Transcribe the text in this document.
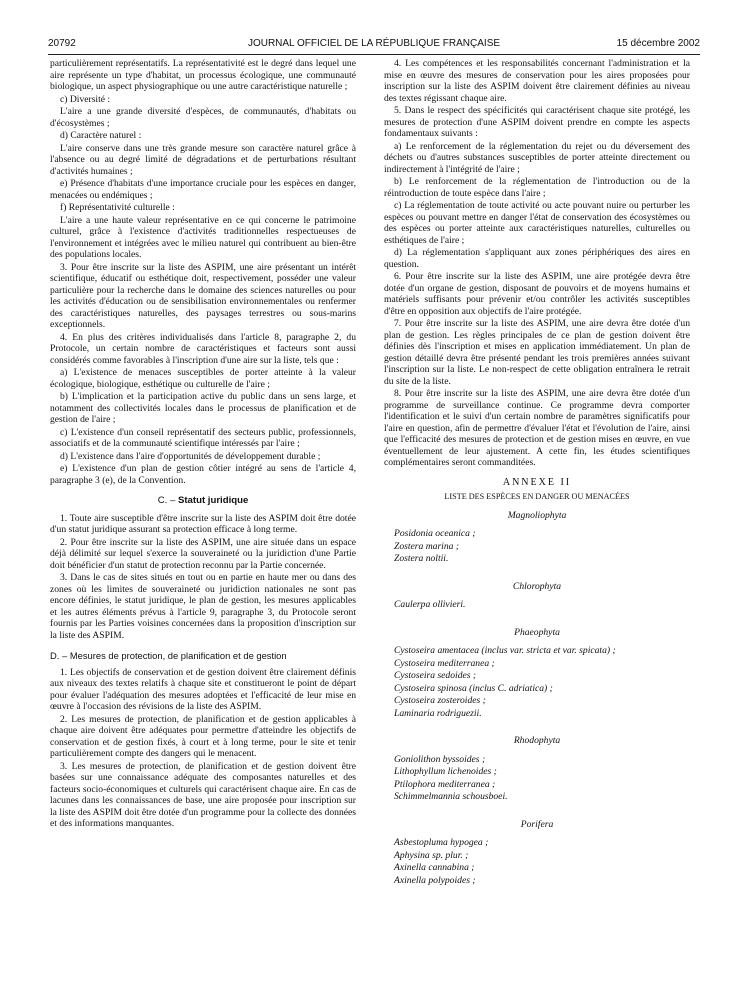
20792	JOURNAL OFFICIEL DE LA RÉPUBLIQUE FRANÇAISE	15 décembre 2002

particulièrement représentatifs. La représentativité est le degré dans lequel une aire représente un type d'habitat, un processus écologique, une communauté biologique, un aspect physiographique ou une autre caractéristique naturelle ;

c) Diversité :

L'aire a une grande diversité d'espèces, de communautés, d'habitats ou d'écosystèmes ;

d) Caractère naturel :

L'aire conserve dans une très grande mesure son caractère naturel grâce à l'absence ou au degré limité de dégradations et de perturbations résultant d'activités humaines ;

e) Présence d'habitats d'une importance cruciale pour les espèces en danger, menacées ou endémiques ;

f) Représentativité culturelle :

L'aire a une haute valeur représentative en ce qui concerne le patrimoine culturel, grâce à l'existence d'activités traditionnelles respectueuses de l'environnement et intégrées avec le milieu naturel qui contribuent au bien-être des populations locales.

3. Pour être inscrite sur la liste des ASPIM, une aire présentant un intérêt scientifique, éducatif ou esthétique doit, respectivement, posséder une valeur particulière pour la recherche dans le domaine des sciences naturelles ou pour les activités d'éducation ou de sensibilisation environnementales ou renfermer des caractéristiques naturelles, des paysages terrestres ou sous-marins exceptionnels.

4. En plus des critères individualisés dans l'article 8, paragraphe 2, du Protocole, un certain nombre de caractéristiques et facteurs sont aussi considérés comme favorables à l'inscription d'une aire sur la liste, tels que :

a) L'existence de menaces susceptibles de porter atteinte à la valeur écologique, biologique, esthétique ou culturelle de l'aire ;

b) L'implication et la participation active du public dans un sens large, et notamment des collectivités locales dans le processus de planification et de gestion de l'aire ;

c) L'existence d'un conseil représentatif des secteurs public, professionnels, associatifs et de la communauté scientifique intéressés par l'aire ;

d) L'existence dans l'aire d'opportunités de développement durable ;

e) L'existence d'un plan de gestion côtier intégré au sens de l'article 4, paragraphe 3 (e), de la Convention.

C. – Statut juridique

1. Toute aire susceptible d'être inscrite sur la liste des ASPIM doit être dotée d'un statut juridique assurant sa protection efficace à long terme.

2. Pour être inscrite sur la liste des ASPIM, une aire située dans un espace déjà délimité sur lequel s'exerce la souveraineté ou la juridiction d'une Partie doit bénéficier d'un statut de protection reconnu par la Partie concernée.

3. Dans le cas de sites situés en tout ou en partie en haute mer ou dans des zones où les limites de souveraineté ou juridiction nationales ne sont pas encore définies, le statut juridique, le plan de gestion, les mesures applicables et les autres éléments prévus à l'article 9, paragraphe 3, du Protocole seront fournis par les Parties voisines concernées dans la proposition d'inscription sur la liste des ASPIM.

D. – Mesures de protection, de planification et de gestion

1. Les objectifs de conservation et de gestion doivent être clairement définis aux niveaux des textes relatifs à chaque site et constitueront le point de départ pour évaluer l'adéquation des mesures adoptées et l'efficacité de leur mise en œuvre à l'occasion des révisions de la liste des ASPIM.

2. Les mesures de protection, de planification et de gestion applicables à chaque aire doivent être adéquates pour permettre d'atteindre les objectifs de conservation et de gestion fixés, à court et à long terme, pour le site et tenir particulièrement compte des dangers qui le menacent.

3. Les mesures de protection, de planification et de gestion doivent être basées sur une connaissance adéquate des composantes naturelles et des facteurs socio-économiques et culturels qui caractérisent chaque aire. En cas de lacunes dans les connaissances de base, une aire proposée pour inscription sur la liste des ASPIM doit être dotée d'un programme pour la collecte des données et des informations manquantes.

4. Les compétences et les responsabilités concernant l'administration et la mise en œuvre des mesures de conservation pour les aires proposées pour inscription sur la liste des ASPIM doivent être clairement définies au niveau des textes régissant chaque aire.

5. Dans le respect des spécificités qui caractérisent chaque site protégé, les mesures de protection d'une ASPIM doivent prendre en compte les aspects fondamentaux suivants :

a) Le renforcement de la réglementation du rejet ou du déversement des déchets ou d'autres substances susceptibles de porter atteinte directement ou indirectement à l'intégrité de l'aire ;

b) Le renforcement de la réglementation de l'introduction ou de la réintroduction de toute espèce dans l'aire ;

c) La réglementation de toute activité ou acte pouvant nuire ou perturber les espèces ou pouvant mettre en danger l'état de conservation des écosystèmes ou des espèces ou porter atteinte aux caractéristiques naturelles, culturelles ou esthétiques de l'aire ;

d) La réglementation s'appliquant aux zones périphériques des aires en question.

6. Pour être inscrite sur la liste des ASPIM, une aire protégée devra être dotée d'un organe de gestion, disposant de pouvoirs et de moyens humains et matériels suffisants pour prévenir et/ou contrôler les activités susceptibles d'être en opposition aux objectifs de l'aire protégée.

7. Pour être inscrite sur la liste des ASPIM, une aire devra être dotée d'un plan de gestion. Les règles principales de ce plan de gestion doivent être définies dès l'inscription et mises en application immédiatement. Un plan de gestion détaillé devra être présenté pendant les trois premières années suivant l'inscription sur la liste. Le non-respect de cette obligation entraînera le retrait du site de la liste.

8. Pour être inscrite sur la liste des ASPIM, une aire devra être dotée d'un programme de surveillance continue. Ce programme devra comporter l'identification et le suivi d'un certain nombre de paramètres significatifs pour l'aire en question, afin de permettre d'évaluer l'état et l'évolution de l'aire, ainsi que l'efficacité des mesures de protection et de gestion mises en œuvre, en vue éventuellement de leur ajustement. A cette fin, les études scientifiques complémentaires seront commanditées.

ANNEXE II
LISTE DES ESPÈCES EN DANGER OU MENACÉES
Magnoliophyta

Posidonia oceanica ;

Zostera marina ;

Zostera noltii.

Chlorophyta

Caulerpa ollivieri.

Phaeophyta

Cystoseira amentacea (inclus var. stricta et var. spicata) ;

Cystoseira mediterranea ;

Cystoseira sedoides ;

Cystoseira spinosa (inclus C. adriatica) ;

Cystoseira zosteroides ;

Laminaria rodriguezii.

Rhodophyta

Goniolithon byssoides ;

Lithophyllum lichenoides ;

Ptilophora mediterranea ;

Schimmelmannia schousboei.

Porifera

Asbestopluma hypogea ;

Aphysina sp. plur. ;

Axinella cannabina ;

Axinella polypoides ;
